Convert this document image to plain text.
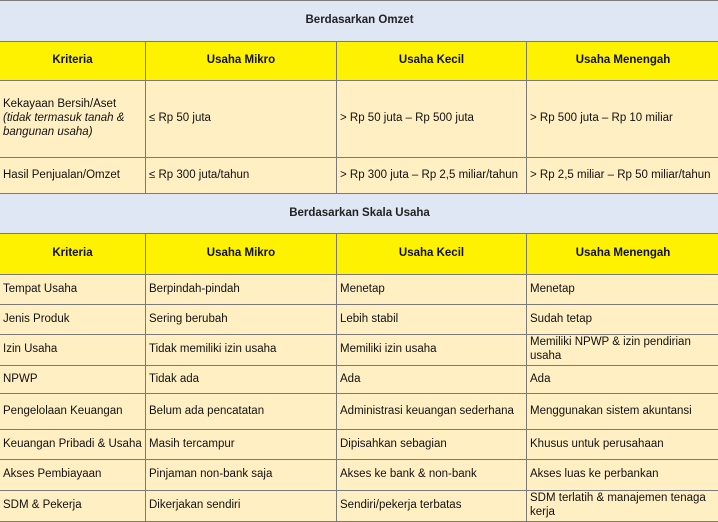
Berdasarkan Omzet			
Kriteria	Usaha Mikro	Usaha Kecil	Usaha Menengah

Kekayaan Bersih/Aset
(tidak termasuk tanah & bangunan usaha)	≤ Rp 50 juta	> Rp 50 juta – Rp 500 juta	> Rp 500 juta – Rp 10 miliar
Hasil Penjualan/Omzet	≤ Rp 300 juta/tahun	> Rp 300 juta – Rp 2,5 miliar/tahun	> Rp 2,5 miliar – Rp 50 miliar/tahun
Berdasarkan Skala Usaha			
Kriteria	Usaha Mikro	Usaha Kecil	Usaha Menengah
Tempat Usaha	Berpindah-pindah	Menetap	Menetap
Jenis Produk	Sering berubah	Lebih stabil	Sudah tetap
Izin Usaha	Tidak memiliki izin usaha	Memiliki izin usaha	Memiliki NPWP & izin pendirian usaha
NPWP	Tidak ada	Ada	Ada
Pengelolaan Keuangan	Belum ada pencatatan	Administrasi keuangan sederhana	Menggunakan sistem akuntansi
Keuangan Pribadi & Usaha	Masih tercampur	Dipisahkan sebagian	Khusus untuk perusahaan
Akses Pembiayaan	Pinjaman non-bank saja	Akses ke bank & non-bank	Akses luas ke perbankan
SDM & Pekerja	Dikerjakan sendiri	Sendiri/pekerja terbatas	SDM terlatih & manajemen tenaga kerja
